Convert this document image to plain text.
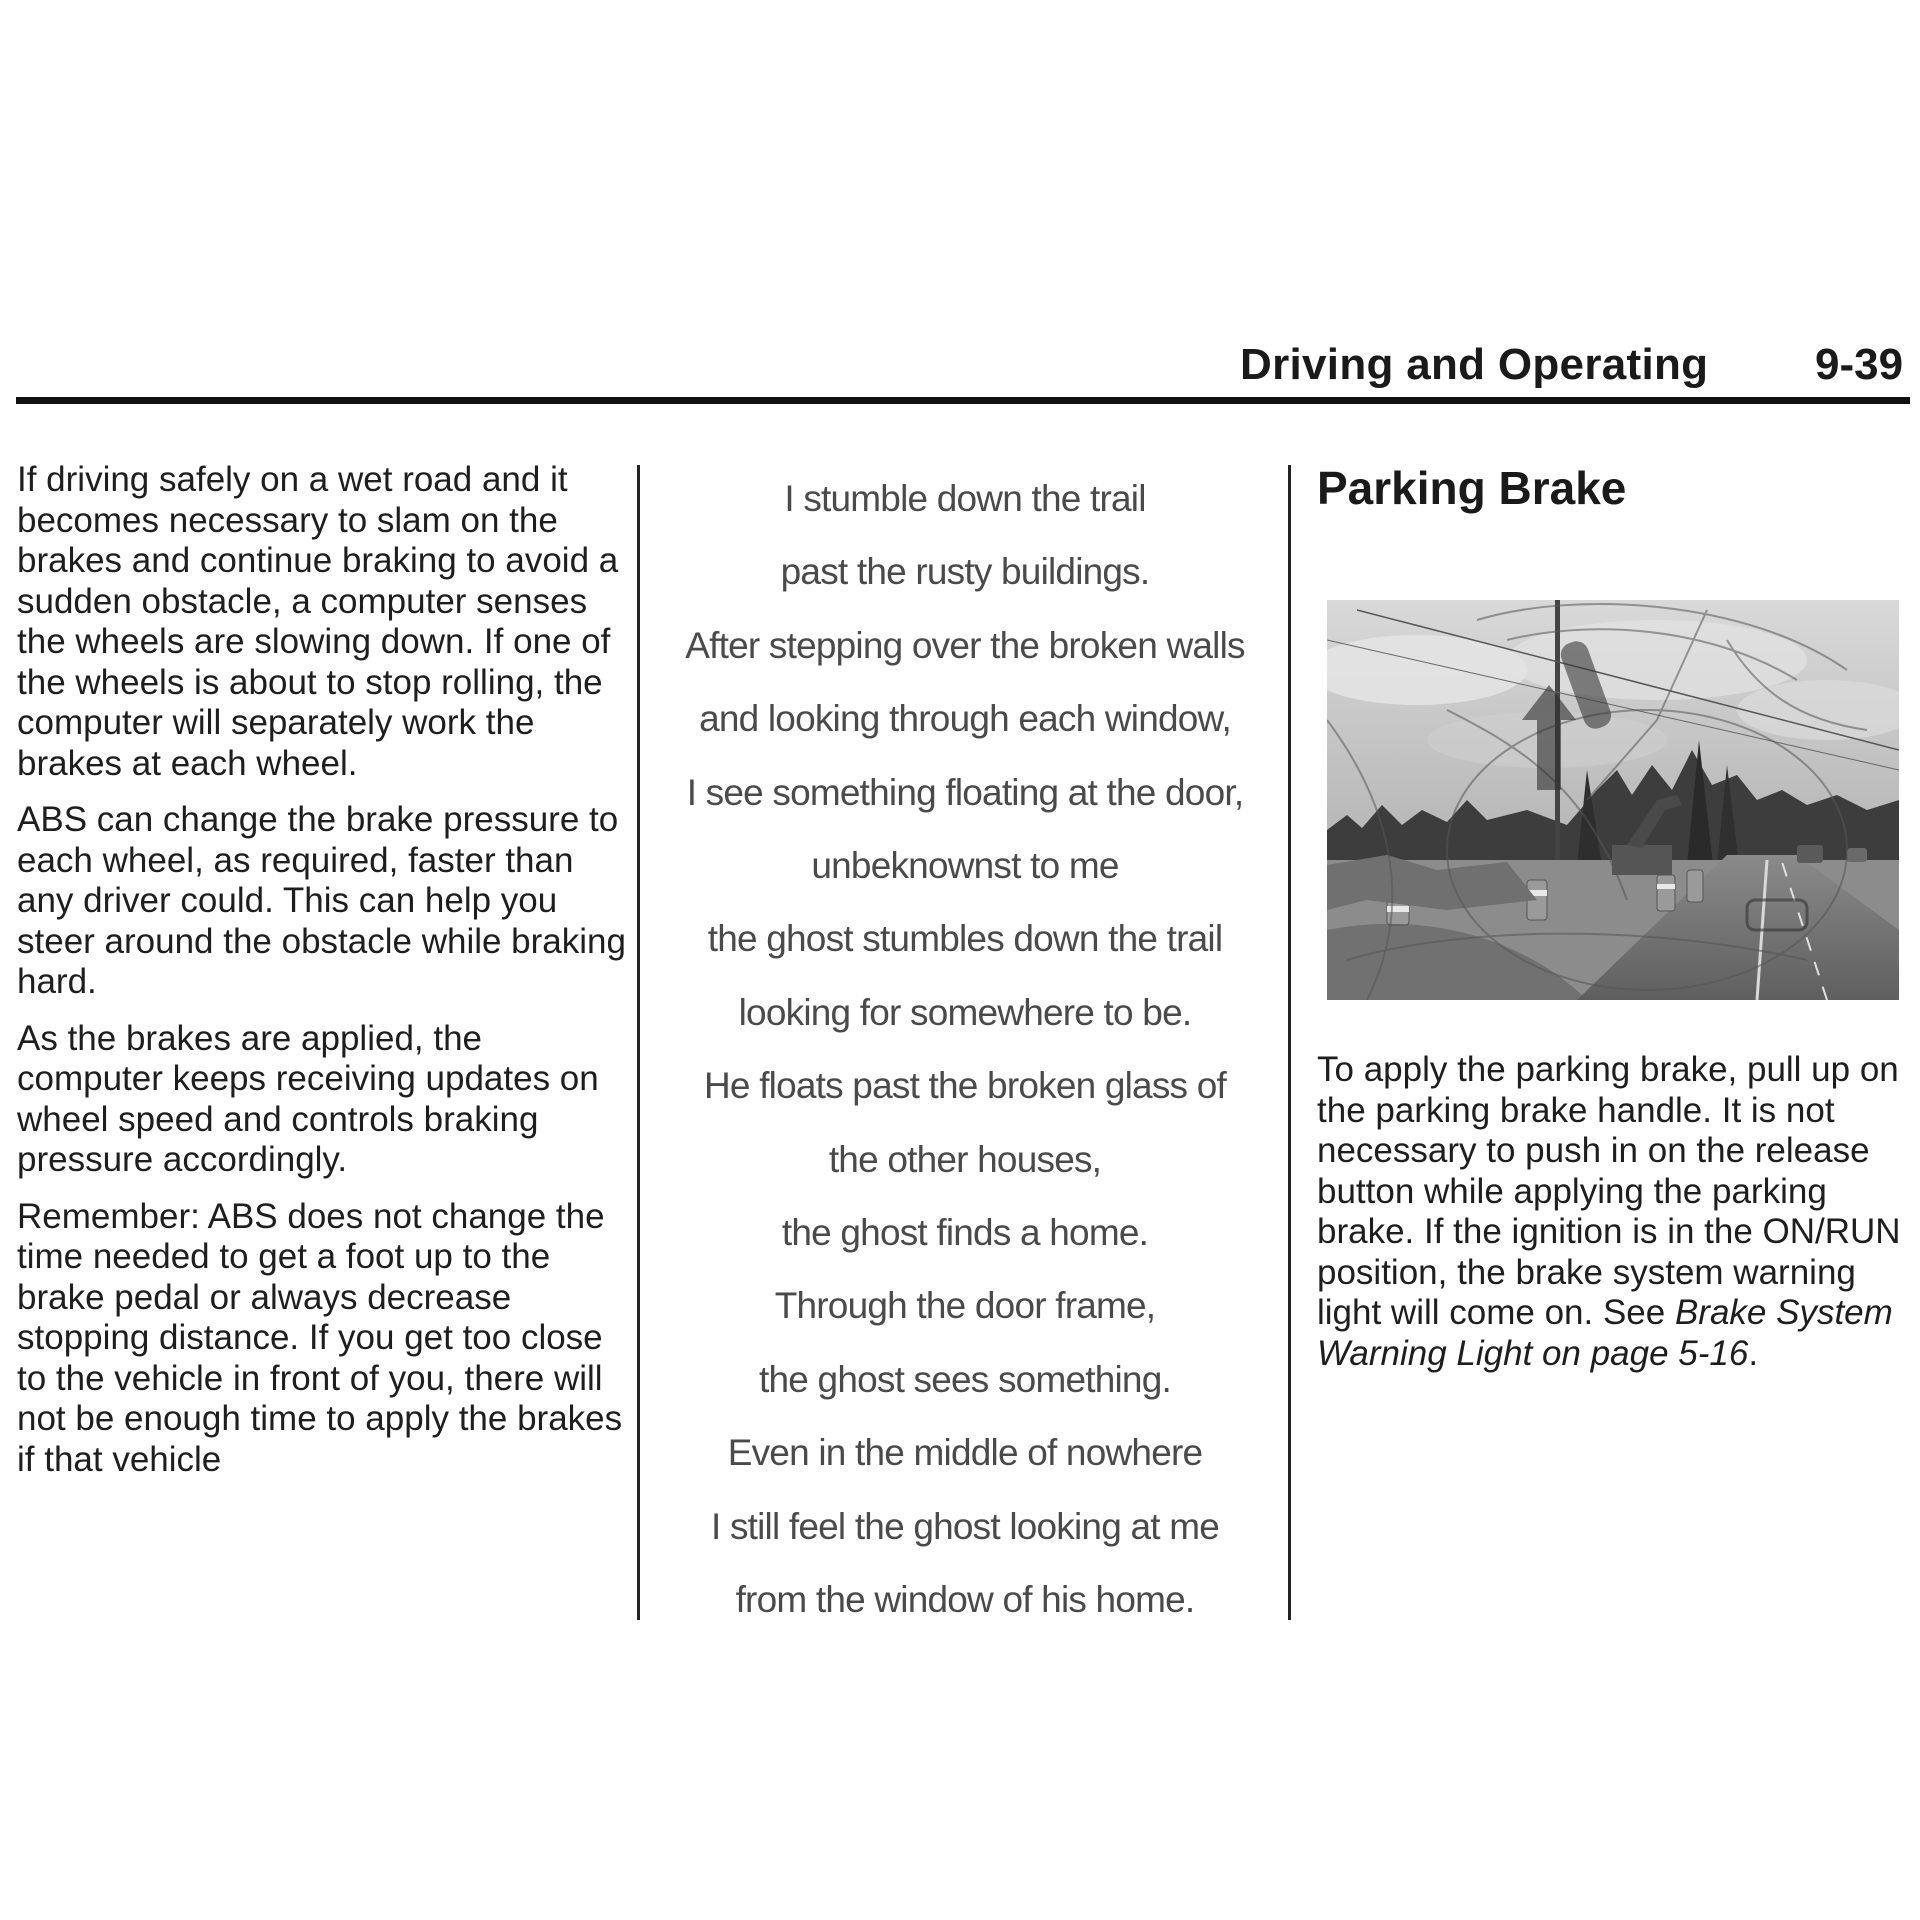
Driving and Operating 9-39

If driving safely on a wet road and it becomes necessary to slam on the brakes and continue braking to avoid a sudden obstacle, a computer senses the wheels are slowing down. If one of the wheels is about to stop rolling, the computer will separately work the brakes at each wheel.

ABS can change the brake pressure to each wheel, as required, faster than any driver could. This can help you steer around the obstacle while braking hard.

As the brakes are applied, the computer keeps receiving updates on wheel speed and controls braking pressure accordingly.

Remember: ABS does not change the time needed to get a foot up to the brake pedal or always decrease stopping distance. If you get too close to the vehicle in front of you, there will not be enough time to apply the brakes if that vehicle

I stumble down the trail
past the rusty buildings.
After stepping over the broken walls
and looking through each window,
I see something floating at the door,
unbeknownst to me
the ghost stumbles down the trail
looking for somewhere to be.
He floats past the broken glass of
the other houses,
the ghost finds a home.
Through the door frame,
the ghost sees something.
Even in the middle of nowhere
I still feel the ghost looking at me
from the window of his home.
Parking Brake
To apply the parking brake, pull up on the parking brake handle. It is not necessary to push in on the release button while applying the parking brake. If the ignition is in the ON/RUN position, the brake system warning light will come on. See Brake System Warning Light on page 5-16.
